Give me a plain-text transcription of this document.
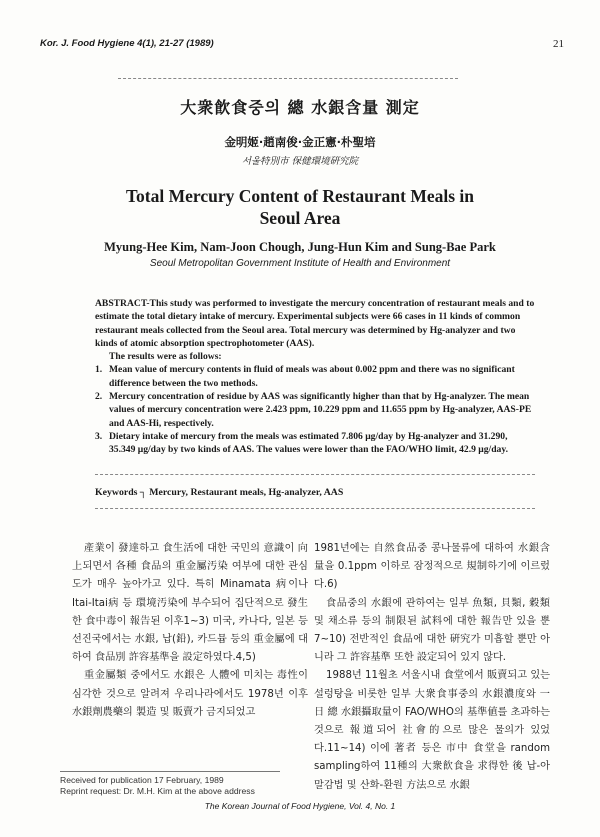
Kor. J. Food Hygiene 4(1), 21-27 (1989)	21
大衆飮食중의 總 水銀含量 測定
金明姬·趙南俊·金正憲·朴聖培
서울特別市 保健環境硏究院
Total Mercury Content of Restaurant Meals in
Seoul Area
Myung-Hee Kim, Nam-Joon Chough, Jung-Hun Kim and Sung-Bae Park
Seoul Metropolitan Government Institute of Health and Environment

ABSTRACT-This study was performed to investigate the mercury concentration of restaurant meals and to estimate the total dietary intake of mercury. Experimental subjects were 66 cases in 11 kinds of common restaurant meals collected from the Seoul area. Total mercury was determined by Hg-analyzer and two kinds of atomic absorption spectrophotometer (AAS).

The results were as follows:

1. Mean value of mercury contents in fluid of meals was about 0.002 ppm and there was no significant difference between the two methods.
2. Mercury concentration of residue by AAS was significantly higher than that by Hg-analyzer. The mean values of mercury concentration were 2.423 ppm, 10.229 ppm and 11.655 ppm by Hg-analyzer, AAS-PE and AAS-Hi, respectively.
3. Dietary intake of mercury from the meals was estimated 7.806 μg/day by Hg-analyzer and 31.290, 35.349 μg/day by two kinds of AAS. The values were lower than the FAO/WHO limit, 42.9 μg/day.
Keywords ┐ Mercury, Restaurant meals, Hg-analyzer, AAS

產業이 發達하고 食生活에 대한 국민의 意識이 向上되면서 各種 食品의 重金屬汚染 여부에 대한 관심도가 매우 높아가고 있다. 특히 Minamata 病이나 Itai-Itai病 등 環境汚染에 부수되어 집단적으로 發生한 食中毒이 報告된 이후1~3) 미국, 카나다, 일본 등 선진국에서는 水銀, 납(鉛), 카드뮴 등의 重金屬에 대하여 食品別 許容基準을 設定하였다.4,5)

重金屬類 중에서도 水銀은 人體에 미치는 毒性이 심각한 것으로 알려져 우리나라에서도 1978년 이후 水銀劑農藥의 製造 및 販賣가 금지되었고

1981년에는 自然食品중 콩나물류에 대하여 水銀含量을 0.1ppm 이하로 잠정적으로 規制하기에 이르렀다.6)

食品중의 水銀에 관하여는 일부 魚類, 貝類, 穀類 및 채소류 등의 制限된 試料에 대한 報告만 있을 뿐7~10) 전반적인 食品에 대한 硏究가 미흡할 뿐만 아니라 그 許容基準 또한 設定되어 있지 않다.

1988년 11월초 서울시내 食堂에서 販賣되고 있는 설렁탕을 비롯한 일부 大衆食事중의 水銀濃度와 一日 總 水銀攝取量이 FAO/WHO의 基準値를 초과하는 것으로 報道되어 社會的으로 많은 물의가 있었다.11~14) 이에 著者 등은 市中 食堂을 random sampling하여 11種의 大衆飮食을 求得한 後 납-아말감법 및 산화-환원 方法으로 水銀

Received for publication 17 February, 1989
Reprint request: Dr. M.H. Kim at the above address
The Korean Journal of Food Hygiene, Vol. 4, No. 1
